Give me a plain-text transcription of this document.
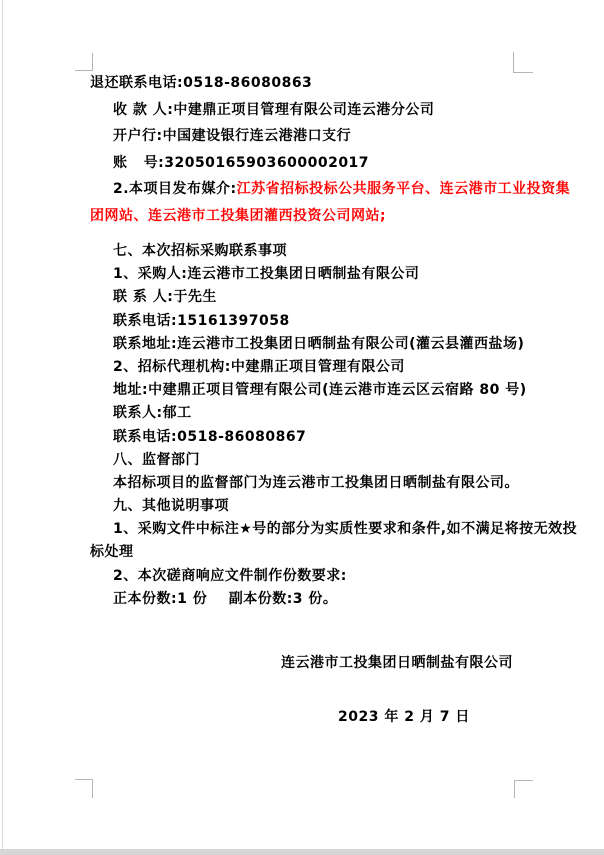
退还联系电话:0518-86080863
收 款 人:中建鼎正项目管理有限公司连云港分公司
开户行:中国建设银行连云港港口支行
账   号:32050165903600002017
2.本项目发布媒介:江苏省招标投标公共服务平台、连云港市工业投资集
团网站、连云港市工投集团灌西投资公司网站;
七、本次招标采购联系事项
1、采购人:连云港市工投集团日晒制盐有限公司
联 系 人:于先生
联系电话:15161397058
联系地址:连云港市工投集团日晒制盐有限公司(灌云县灌西盐场)
2、招标代理机构:中建鼎正项目管理有限公司
地址:中建鼎正项目管理有限公司(连云港市连云区云宿路 80 号)
联系人:郁工
联系电话:0518-86080867
八、监督部门
本招标项目的监督部门为连云港市工投集团日晒制盐有限公司。
九、其他说明事项
1、采购文件中标注★号的部分为实质性要求和条件,如不满足将按无效投
标处理
2、本次磋商响应文件制作份数要求:
正本份数:1 份    副本份数:3 份。
连云港市工投集团日晒制盐有限公司
2023 年 2 月 7 日
